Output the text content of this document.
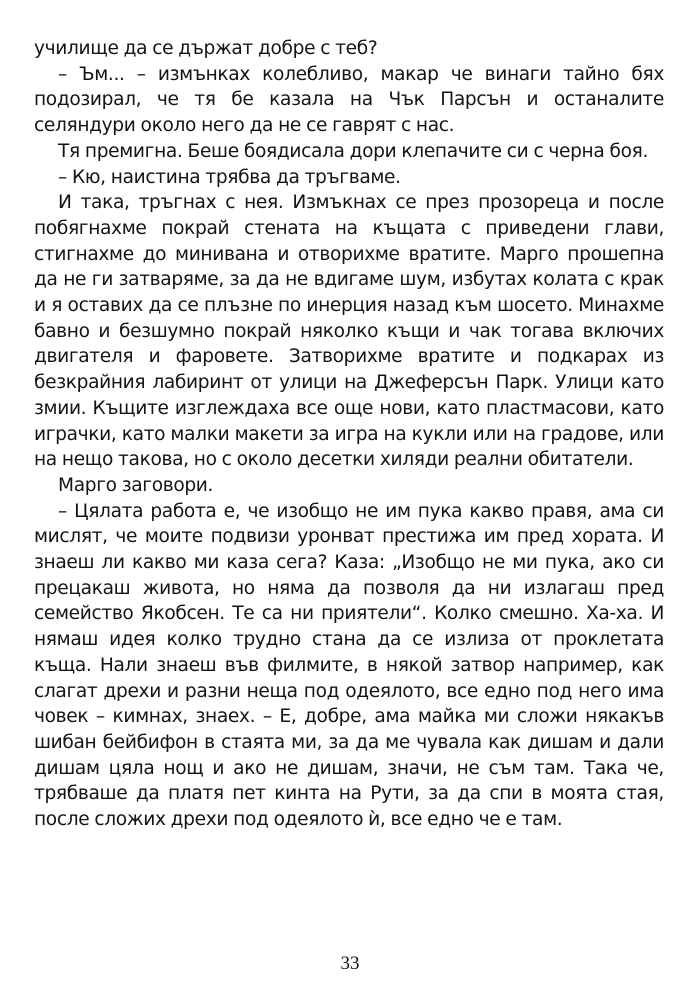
училище да се държат добре с теб?

– Ъм... – измънках колебливо, макар че винаги тайно бях подозирал, че тя бе казала на Чък Парсън и останалите селяндури около него да не се гаврят с нас.

Тя премигна. Беше боядисала дори клепачите си с черна боя.

– Кю, наистина трябва да тръгваме.

И така, тръгнах с нея. Измъкнах се през прозореца и после побягнахме покрай стената на къщата с приведени глави, стигнахме до миниванa и отворихме вратите. Марго прошепна да не ги затваряме, за да не вдигаме шум, избутах колата с крак и я оставих да се плъзне по инерция назад към шосето. Минахме бавно и безшумно покрай няколко къщи и чак тогава включих двигателя и фаровете. Затворихме вратите и подкарах из безкрайния лабиринт от улици на Джеферсън Парк. Улици като змии. Къщите изглеждаха все още нови, като пластмасови, като играчки, като малки макети за игра на кукли или на градове, или на нещо такова, но с около десетки хиляди реални обитатели.

Марго заговори.

– Цялата работа е, че изобщо не им пука какво правя, ама си мислят, че моите подвизи уронват престижа им пред хората. И знаеш ли какво ми каза сега? Каза: „Изобщо не ми пука, ако си прецакаш живота, но няма да позволя да ни излагаш пред семейство Якобсен. Те са ни приятели“. Колко смешно. Ха-ха. И нямаш идея колко трудно стана да се излиза от проклетата къща. Нали знаеш във филмите, в някой затвор например, как слагат дрехи и разни неща под одеялото, все едно под него има човек – кимнах, знаех. – Е, добре, ама майка ми сложи някакъв шибан бейбифон в стаята ми, за да ме чувала как дишам и дали дишам цяла нощ и ако не дишам, значи, не съм там. Така че, трябваше да платя пет кинта на Рути, за да спи в моята стая, после сложих дрехи под одеялото ѝ, все едно че е там.

33
